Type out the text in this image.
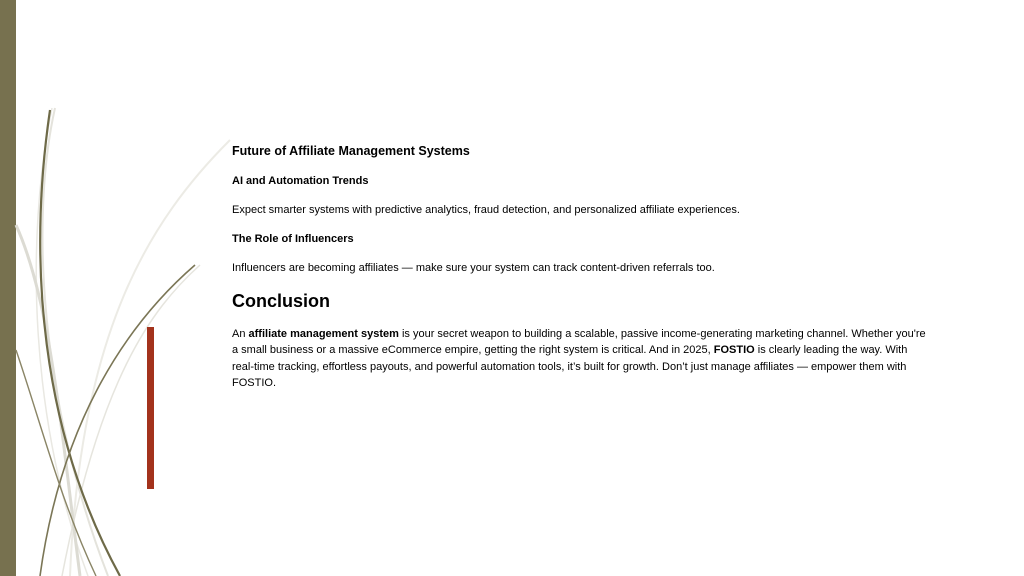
Future of Affiliate Management Systems
AI and Automation Trends
Expect smarter systems with predictive analytics, fraud detection, and personalized affiliate experiences.
The Role of Influencers
Influencers are becoming affiliates — make sure your system can track content-driven referrals too.
Conclusion

An affiliate management system is your secret weapon to building a scalable, passive income-generating marketing channel. Whether you're a small business or a massive eCommerce empire, getting the right system is critical. And in 2025, FOSTIO is clearly leading the way. With real-time tracking, effortless payouts, and powerful automation tools, it’s built for growth. Don’t just manage affiliates — empower them with FOSTIO.
